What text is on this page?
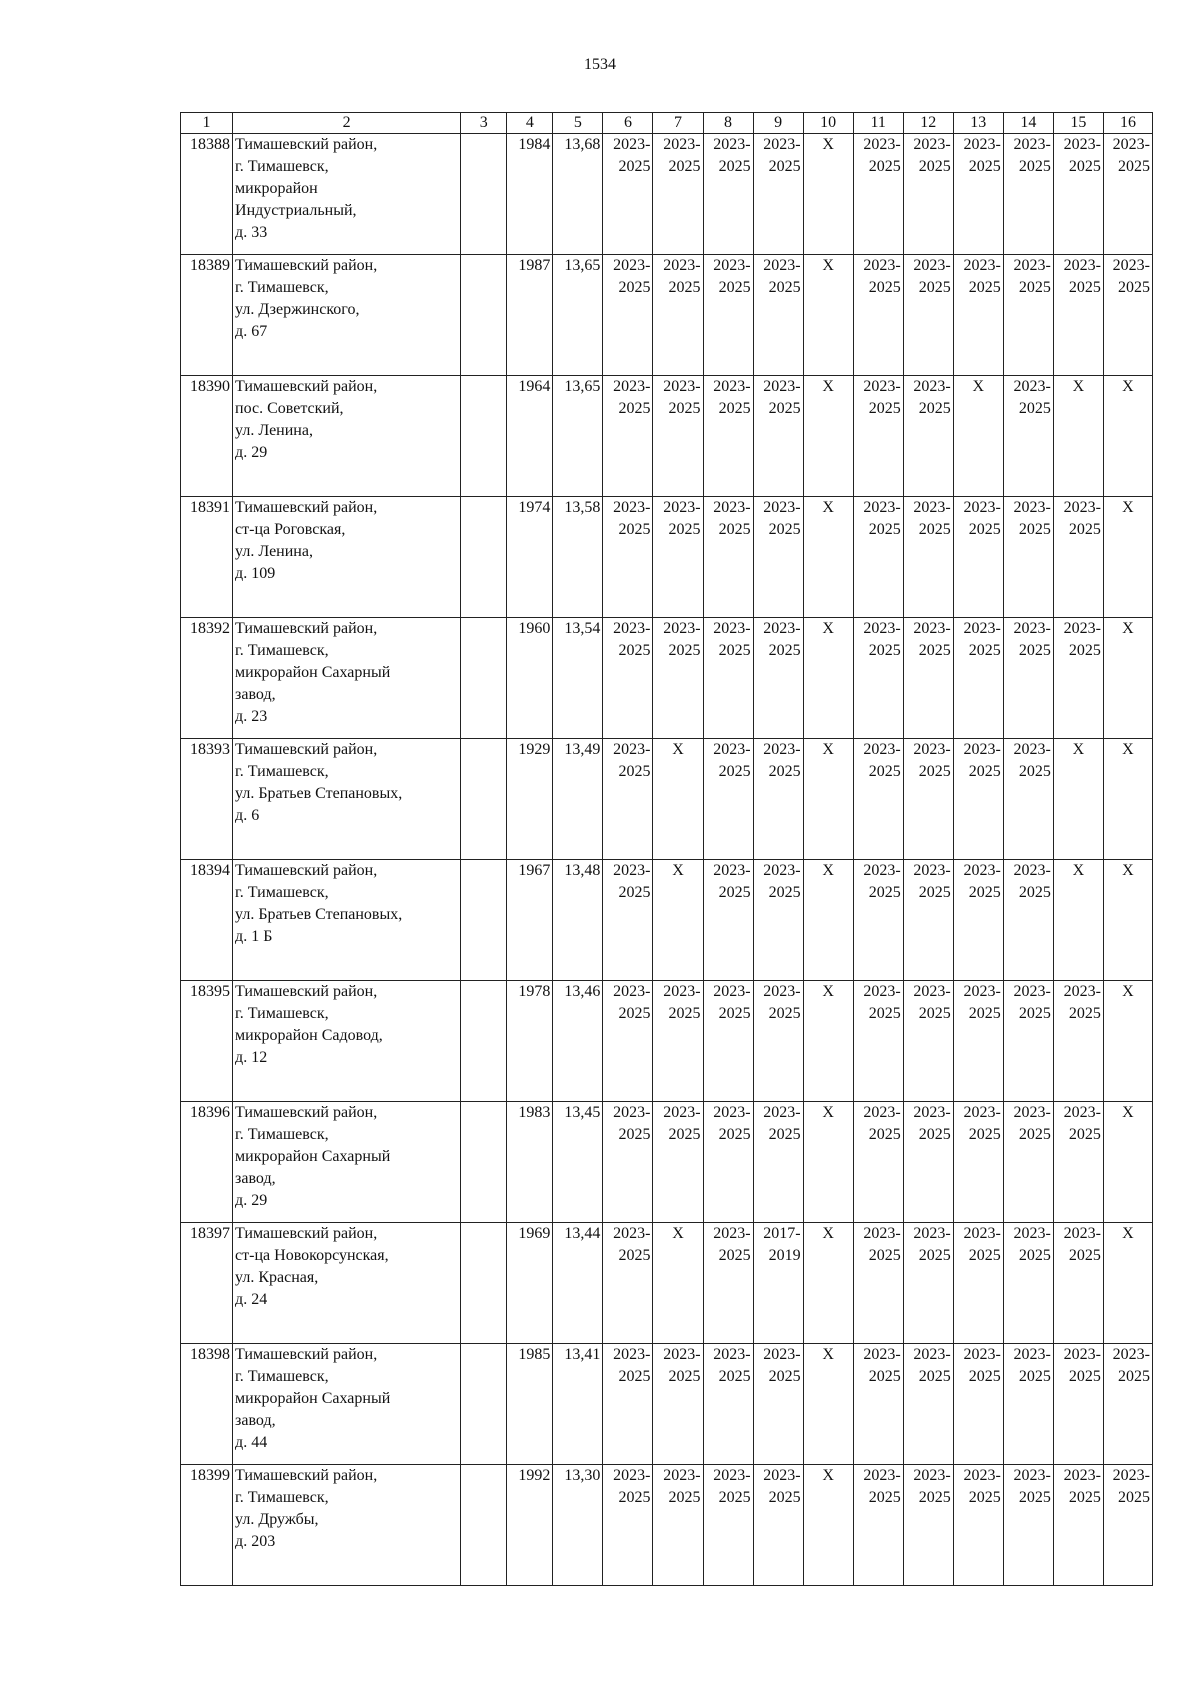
1534
1	2	3	4	5	6	7	8	9	10	11	12	13	14	15	16
18388	Тимашевский район,
г. Тимашевск,
микрорайон
Индустриальный,
д. 33		1984	13,68	2023-
2025	2023-
2025	2023-
2025	2023-
2025	X	2023-
2025	2023-
2025	2023-
2025	2023-
2025	2023-
2025	2023-
2025

18389	Тимашевский район,
г. Тимашевск,
ул. Дзержинского,
д. 67		1987	13,65	2023-
2025	2023-
2025	2023-
2025	2023-
2025	X	2023-
2025	2023-
2025	2023-
2025	2023-
2025	2023-
2025	2023-
2025

18390	Тимашевский район,
пос. Советский,
ул. Ленина,
д. 29		1964	13,65	2023-
2025	2023-
2025	2023-
2025	2023-
2025	X	2023-
2025	2023-
2025	X	2023-
2025	X	X
18391	Тимашевский район,
ст-ца Роговская,
ул. Ленина,
д. 109		1974	13,58	2023-
2025	2023-
2025	2023-
2025	2023-
2025	X	2023-
2025	2023-
2025	2023-
2025	2023-
2025	2023-
2025	X
18392	Тимашевский район,
г. Тимашевск,
микрорайон Сахарный
завод,
д. 23		1960	13,54	2023-
2025	2023-
2025	2023-
2025	2023-
2025	X	2023-
2025	2023-
2025	2023-
2025	2023-
2025	2023-
2025	X
18393	Тимашевский район,
г. Тимашевск,
ул. Братьев Степановых,
д. 6		1929	13,49	2023-
2025	X	2023-
2025	2023-
2025	X	2023-
2025	2023-
2025	2023-
2025	2023-
2025	X	X
18394	Тимашевский район,
г. Тимашевск,
ул. Братьев Степановых,
д. 1 Б		1967	13,48	2023-
2025	X	2023-
2025	2023-
2025	X	2023-
2025	2023-
2025	2023-
2025	2023-
2025	X	X
18395	Тимашевский район,
г. Тимашевск,
микрорайон Садовод,
д. 12		1978	13,46	2023-
2025	2023-
2025	2023-
2025	2023-
2025	X	2023-
2025	2023-
2025	2023-
2025	2023-
2025	2023-
2025	X
18396	Тимашевский район,
г. Тимашевск,
микрорайон Сахарный
завод,
д. 29		1983	13,45	2023-
2025	2023-
2025	2023-
2025	2023-
2025	X	2023-
2025	2023-
2025	2023-
2025	2023-
2025	2023-
2025	X
18397	Тимашевский район,
ст-ца Новокорсунская,
ул. Красная,
д. 24		1969	13,44	2023-
2025	X	2023-
2025	2017-
2019	X	2023-
2025	2023-
2025	2023-
2025	2023-
2025	2023-
2025	X
18398	Тимашевский район,
г. Тимашевск,
микрорайон Сахарный
завод,
д. 44		1985	13,41	2023-
2025	2023-
2025	2023-
2025	2023-
2025	X	2023-
2025	2023-
2025	2023-
2025	2023-
2025	2023-
2025	2023-
2025

18399	Тимашевский район,
г. Тимашевск,
ул. Дружбы,
д. 203		1992	13,30	2023-
2025	2023-
2025	2023-
2025	2023-
2025	X	2023-
2025	2023-
2025	2023-
2025	2023-
2025	2023-
2025	2023-
2025
